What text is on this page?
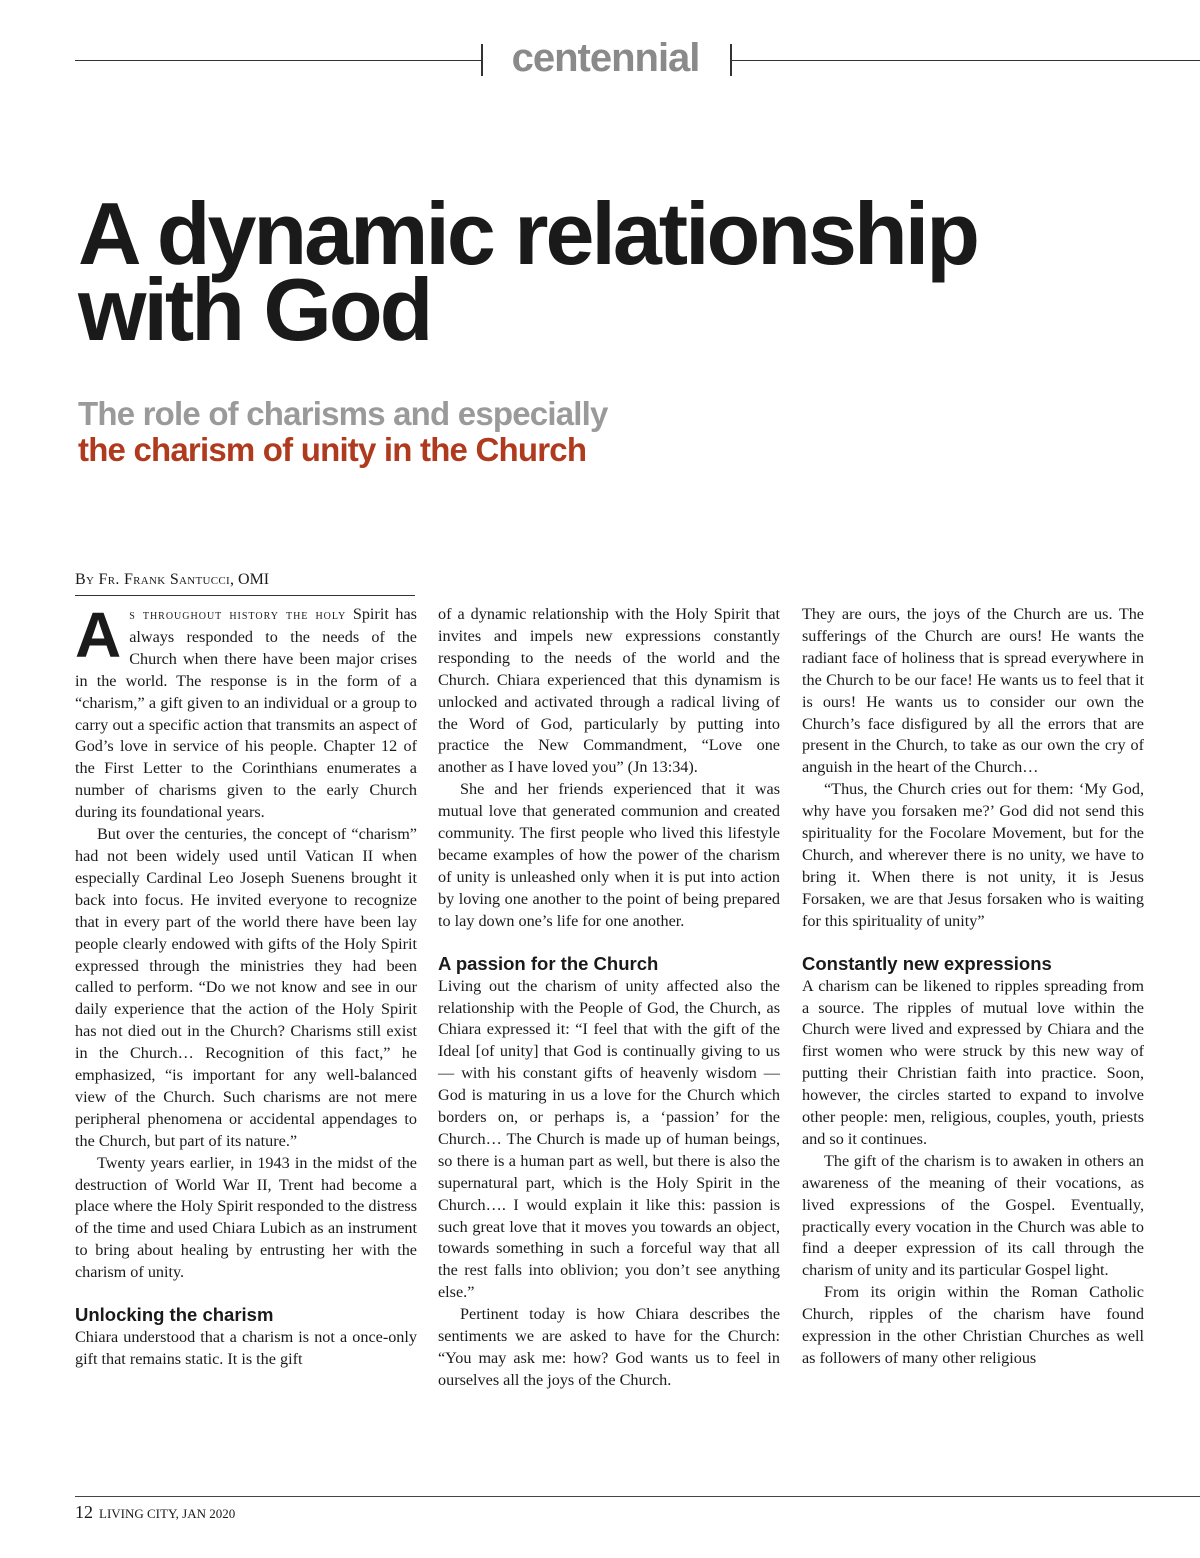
centennial
A dynamic relationship
with God
The role of charisms and especially
the charism of unity in the Church
By Fr. Frank Santucci, OMI

As throughout history the holy Spirit has always responded to the needs of the Church when there have been major crises in the world. The response is in the form of a “charism,” a gift given to an individual or a group to carry out a specific action that transmits an aspect of God’s love in service of his people. Chapter 12 of the First Letter to the Corinthians enumerates a number of charisms given to the early Church during its foundational years.

But over the centuries, the concept of “charism” had not been widely used until Vatican II when especially Cardinal Leo Joseph Suenens brought it back into focus. He invited everyone to recognize that in every part of the world there have been lay people clearly endowed with gifts of the Holy Spirit expressed through the ministries they had been called to perform. “Do we not know and see in our daily experience that the action of the Holy Spirit has not died out in the Church? Charisms still exist in the Church… Recognition of this fact,” he emphasized, “is important for any well-balanced view of the Church. Such charisms are not mere peripheral phenomena or accidental appendages to the Church, but part of its nature.”

Twenty years earlier, in 1943 in the midst of the destruction of World War II, Trent had become a place where the Holy Spirit responded to the distress of the time and used Chiara Lubich as an instrument to bring about healing by entrusting her with the charism of unity.

Unlocking the charism

Chiara understood that a charism is not a once-only gift that remains static. It is the gift

of a dynamic relationship with the Holy Spirit that invites and impels new expressions constantly responding to the needs of the world and the Church. Chiara experienced that this dynamism is unlocked and activated through a radical living of the Word of God, particularly by putting into practice the New Commandment, “Love one another as I have loved you” (Jn 13:34).

She and her friends experienced that it was mutual love that generated communion and created community. The first people who lived this lifestyle became examples of how the power of the charism of unity is unleashed only when it is put into action by loving one another to the point of being prepared to lay down one’s life for one another.

A passion for the Church

Living out the charism of unity affected also the relationship with the People of God, the Church, as Chiara expressed it: “I feel that with the gift of the Ideal [of unity] that God is continually giving to us — with his constant gifts of heavenly wisdom — God is maturing in us a love for the Church which borders on, or perhaps is, a ‘passion’ for the Church… The Church is made up of human beings, so there is a human part as well, but there is also the supernatural part, which is the Holy Spirit in the Church…. I would explain it like this: passion is such great love that it moves you towards an object, towards something in such a forceful way that all the rest falls into oblivion; you don’t see anything else.”

Pertinent today is how Chiara describes the sentiments we are asked to have for the Church: “You may ask me: how? God wants us to feel in ourselves all the joys of the Church.

They are ours, the joys of the Church are us. The sufferings of the Church are ours! He wants the radiant face of holiness that is spread everywhere in the Church to be our face! He wants us to feel that it is ours! He wants us to consider our own the Church’s face disfigured by all the errors that are present in the Church, to take as our own the cry of anguish in the heart of the Church…

“Thus, the Church cries out for them: ‘My God, why have you forsaken me?’ God did not send this spirituality for the Focolare Movement, but for the Church, and wherever there is no unity, we have to bring it. When there is not unity, it is Jesus Forsaken, we are that Jesus forsaken who is waiting for this spirituality of unity”

Constantly new expressions

A charism can be likened to ripples spreading from a source. The ripples of mutual love within the Church were lived and expressed by Chiara and the first women who were struck by this new way of putting their Christian faith into practice. Soon, however, the circles started to expand to involve other people: men, religious, couples, youth, priests and so it continues.

The gift of the charism is to awaken in others an awareness of the meaning of their vocations, as lived expressions of the Gospel. Eventually, practically every vocation in the Church was able to find a deeper expression of its call through the charism of unity and its particular Gospel light.

From its origin within the Roman Catholic Church, ripples of the charism have found expression in the other Christian Churches as well as followers of many other religious

12 LIVING CITY, JAN 2020
